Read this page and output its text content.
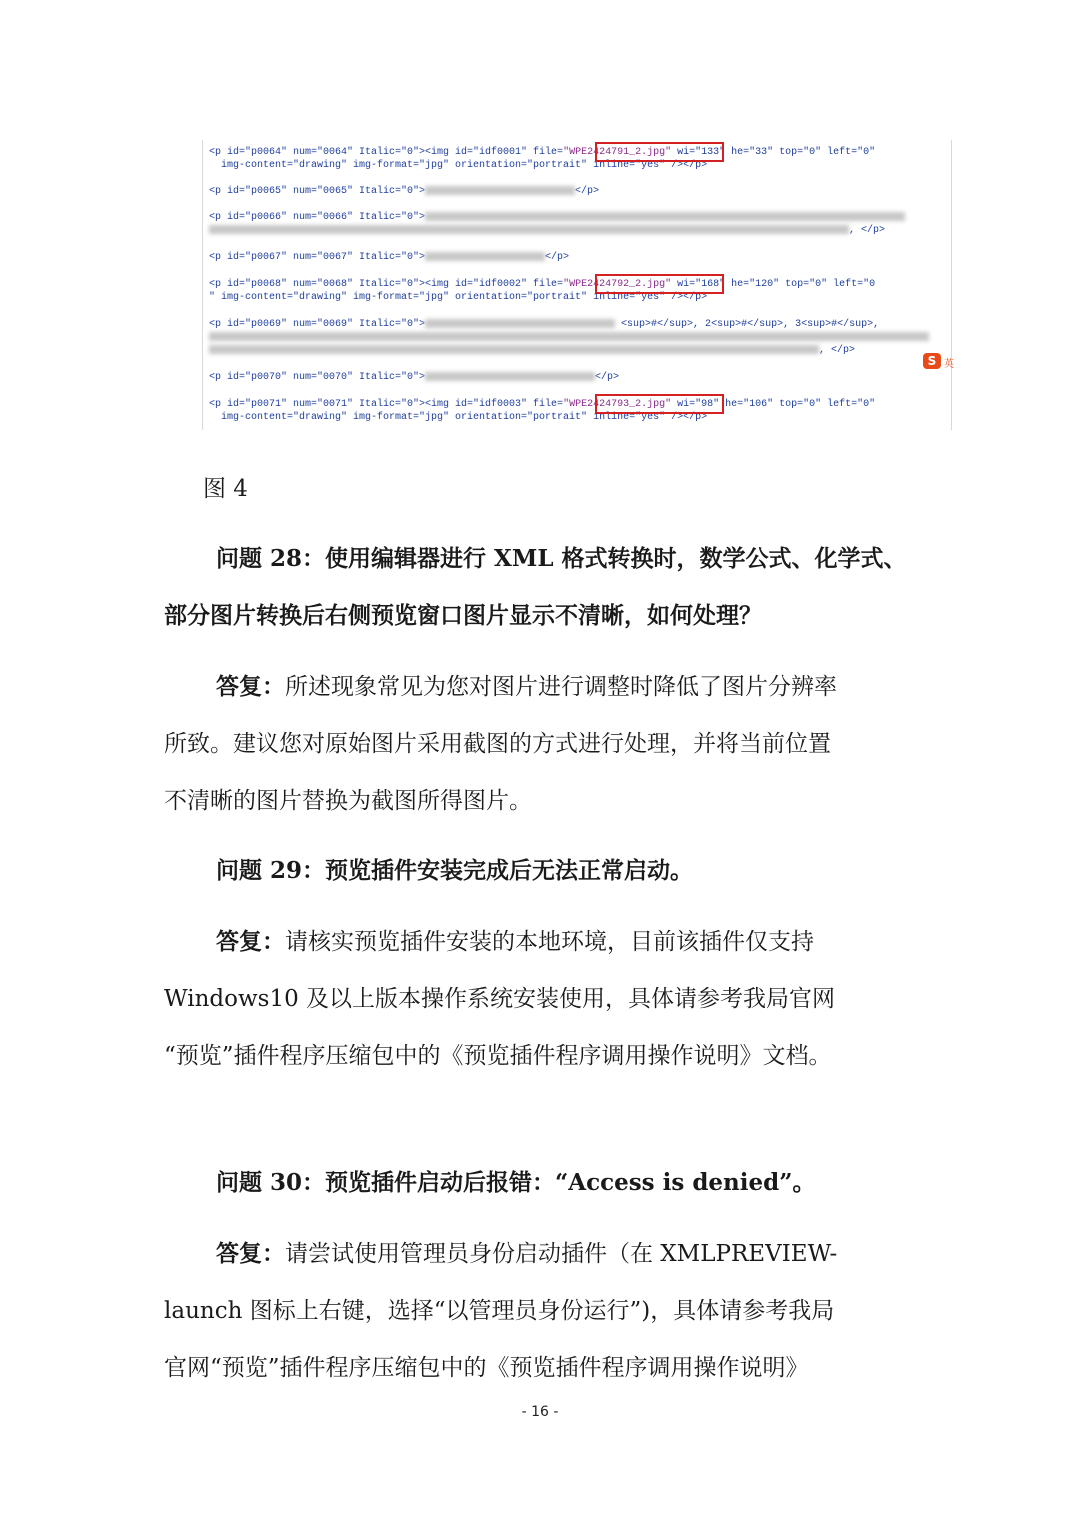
<p id="p0064" num="0064" Italic="0"><img id="idf0001" file="WPE2424791_2.jpg" wi="133" he="33" top="0" left="0"
img-content="drawing" img-format="jpg" orientation="portrait" inline="yes" /></p>
<p id="p0065" num="0065" Italic="0">	</p>
<p id="p0066" num="0066" Italic="0">
, </p>
<p id="p0067" num="0067" Italic="0">	</p>
<p id="p0068" num="0068" Italic="0"><img id="idf0002" file="WPE2424792_2.jpg" wi="168" he="120" top="0" left="0
" img-content="drawing" img-format="jpg" orientation="portrait" inline="yes" /></p>
<p id="p0069" num="0069" Italic="0">	<sup>#</sup>, 2<sup>#</sup>, 3<sup>#</sup>,
, </p>
<p id="p0070" num="0070" Italic="0">	</p>
<p id="p0071" num="0071" Italic="0"><img id="idf0003" file="WPE2424793_2.jpg" wi="98" he="106" top="0" left="0"
img-content="drawing" img-format="jpg" orientation="portrait" inline="yes" /></p>
S 英
图 4
问题 28：使用编辑器进行 XML 格式转换时，数学公式、化学式、
部分图片转换后右侧预览窗口图片显示不清晰，如何处理？
答复：所述现象常见为您对图片进行调整时降低了图片分辨率
所致。建议您对原始图片采用截图的方式进行处理，并将当前位置
不清晰的图片替换为截图所得图片。
问题 29：预览插件安装完成后无法正常启动。
答复：请核实预览插件安装的本地环境，目前该插件仅支持
Windows10 及以上版本操作系统安装使用，具体请参考我局官网
“预览”插件程序压缩包中的《预览插件程序调用操作说明》文档。
问题 30：预览插件启动后报错：“Access is denied”。
答复：请尝试使用管理员身份启动插件（在 XMLPREVIEW-
launch 图标上右键，选择“以管理员身份运行”)，具体请参考我局
官网“预览”插件程序压缩包中的《预览插件程序调用操作说明》
- 16 -
